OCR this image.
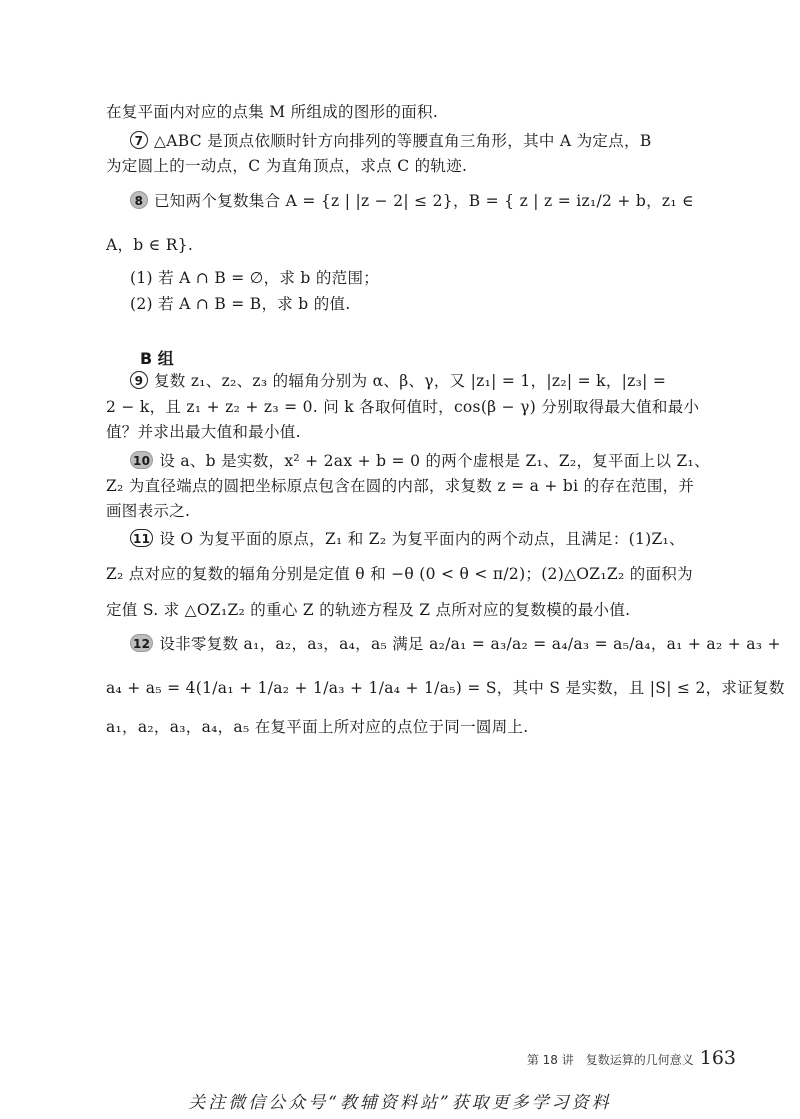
在复平面内对应的点集 M 所组成的图形的面积.
7 △ABC 是顶点依顺时针方向排列的等腰直角三角形，其中 A 为定点，B
为定圆上的一动点，C 为直角顶点，求点 C 的轨迹.
8 已知两个复数集合 A = {z | |z − 2| ≤ 2}，B = { z | z = iz₁/2 + b，z₁ ∈
A，b ∈ R}.
(1) 若 A ∩ B = ∅，求 b 的范围；
(2) 若 A ∩ B = B，求 b 的值.
B 组
9 复数 z₁、z₂、z₃ 的辐角分别为 α、β、γ，又 |z₁| = 1，|z₂| = k，|z₃| =
2 − k，且 z₁ + z₂ + z₃ = 0. 问 k 各取何值时，cos(β − γ) 分别取得最大值和最小
值？并求出最大值和最小值.
10 设 a、b 是实数，x² + 2ax + b = 0 的两个虚根是 Z₁、Z₂，复平面上以 Z₁、
Z₂ 为直径端点的圆把坐标原点包含在圆的内部，求复数 z = a + bi 的存在范围，并
画图表示之.
11 设 O 为复平面的原点，Z₁ 和 Z₂ 为复平面内的两个动点，且满足：(1)Z₁、
Z₂ 点对应的复数的辐角分别是定值 θ 和 −θ (0 < θ < π/2)；(2)△OZ₁Z₂ 的面积为
定值 S. 求 △OZ₁Z₂ 的重心 Z 的轨迹方程及 Z 点所对应的复数模的最小值.
12 设非零复数 a₁，a₂，a₃，a₄，a₅ 满足 a₂/a₁ = a₃/a₂ = a₄/a₃ = a₅/a₄，a₁ + a₂ + a₃ +
a₄ + a₅ = 4(1/a₁ + 1/a₂ + 1/a₃ + 1/a₄ + 1/a₅) = S，其中 S 是实数，且 |S| ≤ 2，求证复数
a₁，a₂，a₃，a₄，a₅ 在复平面上所对应的点位于同一圆周上.
第 18 讲　复数运算的几何意义 163
关注微信公众号“教辅资料站”获取更多学习资料
